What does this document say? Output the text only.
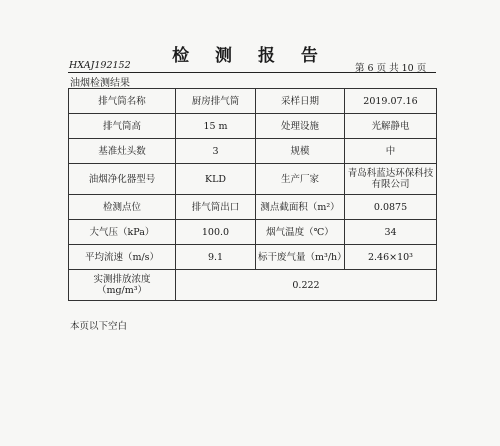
检 测 报 告
HXAJ192152	第 6 页 共 10 页
油烟检测结果
排气筒名称	厨房排气筒	采样日期	2019.07.16
排气筒高	15 m	处理设施	光解静电
基准灶头数	3	规模	中
油烟净化器型号	KLD	生产厂家	青岛科蓝达环保科技有限公司
检测点位	排气筒出口	测点截面积（m²）	0.0875
大气压（kPa）	100.0	烟气温度（℃）	34
平均流速（m/s）	9.1	标干废气量（m³/h）	2.46×10³
实测排放浓度（mg/m³）	0.222		
本页以下空白
